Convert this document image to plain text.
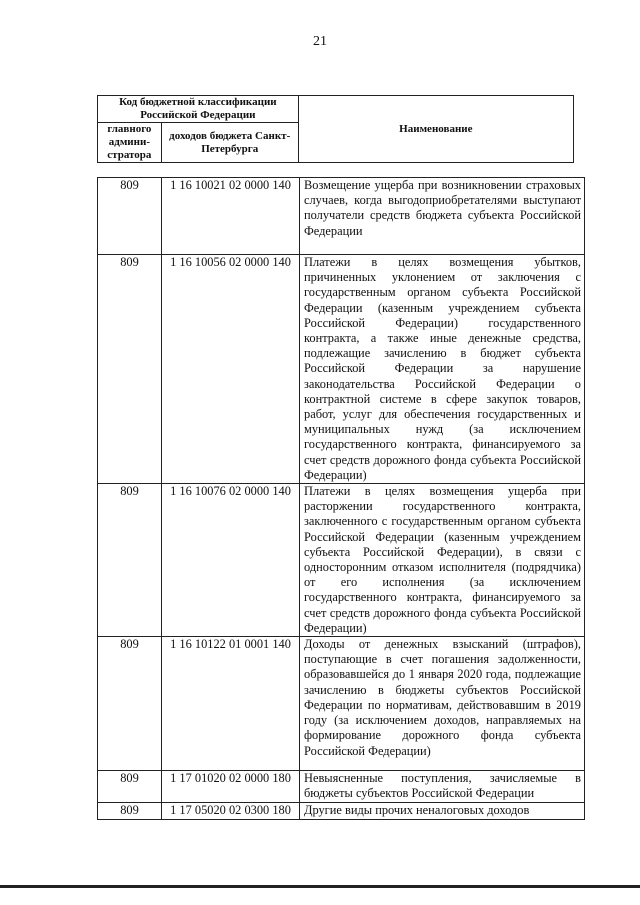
21
Код бюджетной классификации Российской Федерации		Наименование
главного админи-стратора	доходов бюджета Санкт-Петербурга	
809	1 16 10021 02 0000 140	Возмещение ущерба при возникновении страховых случаев, когда выгодоприобретателями выступают получатели средств бюджета субъекта Российской Федерации
809	1 16 10056 02 0000 140	Платежи в целях возмещения убытков, причиненных уклонением от заключения с государственным органом субъекта Российской Федерации (казенным учреждением субъекта Российской Федерации) государственного контракта, а также иные денежные средства, подлежащие зачислению в бюджет субъекта Российской Федерации за нарушение законодательства Российской Федерации о контрактной системе в сфере закупок товаров, работ, услуг для обеспечения государственных и муниципальных нужд (за исключением государственного контракта, финансируемого за счет средств дорожного фонда субъекта Российской Федерации)
809	1 16 10076 02 0000 140	Платежи в целях возмещения ущерба при расторжении государственного контракта, заключенного с государственным органом субъекта Российской Федерации (казенным учреждением субъекта Российской Федерации), в связи с односторонним отказом исполнителя (подрядчика) от его исполнения (за исключением государственного контракта, финансируемого за счет средств дорожного фонда субъекта Российской Федерации)
809	1 16 10122 01 0001 140	Доходы от денежных взысканий (штрафов), поступающие в счет погашения задолженности, образовавшейся до 1 января 2020 года, подлежащие зачислению в бюджеты субъектов Российской Федерации по нормативам, действовавшим в 2019 году (за исключением доходов, направляемых на формирование дорожного фонда субъекта Российской Федерации)
809	1 17 01020 02 0000 180	Невыясненные поступления, зачисляемые в бюджеты субъектов Российской Федерации
809	1 17 05020 02 0300 180	Другие виды прочих неналоговых доходов
